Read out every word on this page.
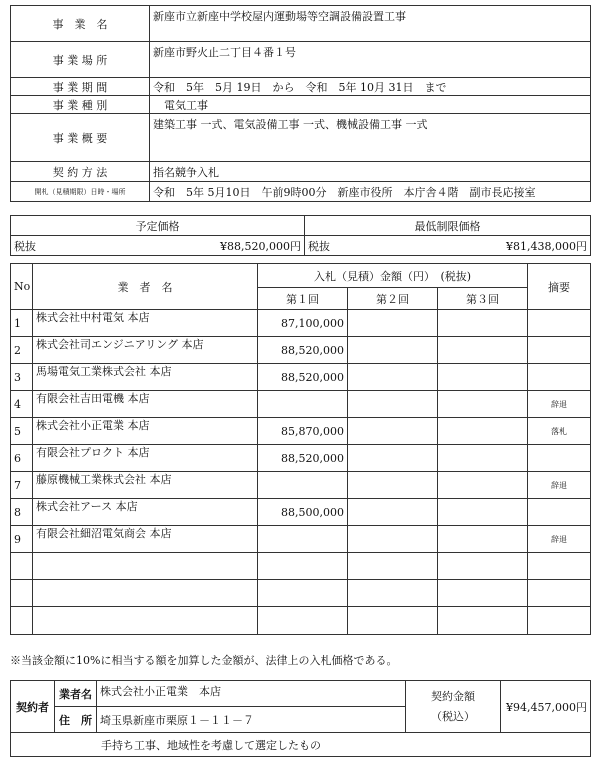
事　業　名	新座市立新座中学校屋内運動場等空調設備設置工事
事 業 場 所	新座市野火止二丁目４番１号
事 業 期 間	令和　5年　5月 19日　から　令和　5年 10月 31日　まで
事 業 種 別	　電気工事
事 業 概 要	建築工事 一式、電気設備工事 一式、機械設備工事 一式
契 約 方 法	指名競争入札
開札（見積期限）日時・場所	令和　5年 5月10日　午前9時00分　新座市役所　本庁舎４階　副市長応接室
予定価格	最低制限価格
税抜 ¥88,520,000円	税抜 ¥81,438,000円
No	業　者　名	入札（見積）金額（円）　(税抜)			摘要
		第１回	第２回	第３回	
1	株式会社中村電気 本店	87,100,000			
2	株式会社司エンジニアリング 本店	88,520,000			
3	馬場電気工業株式会社 本店	88,520,000			
4	有限会社吉田電機 本店				辞退
5	株式会社小正電業 本店	85,870,000			落札
6	有限会社プロクト 本店	88,520,000			
7	藤原機械工業株式会社 本店				辞退
8	株式会社アース 本店	88,500,000			
9	有限会社細沼電気商会 本店				辞退

※当該金額に10%に相当する額を加算した金額が、法律上の入札価格である。
契約者	業者名	株式会社小正電業　本店	契約金額
（税込）	¥94,457,000円
	住　所	埼玉県新座市栗原１－１１－７		
手持ち工事、地域性を考慮して選定したもの				
